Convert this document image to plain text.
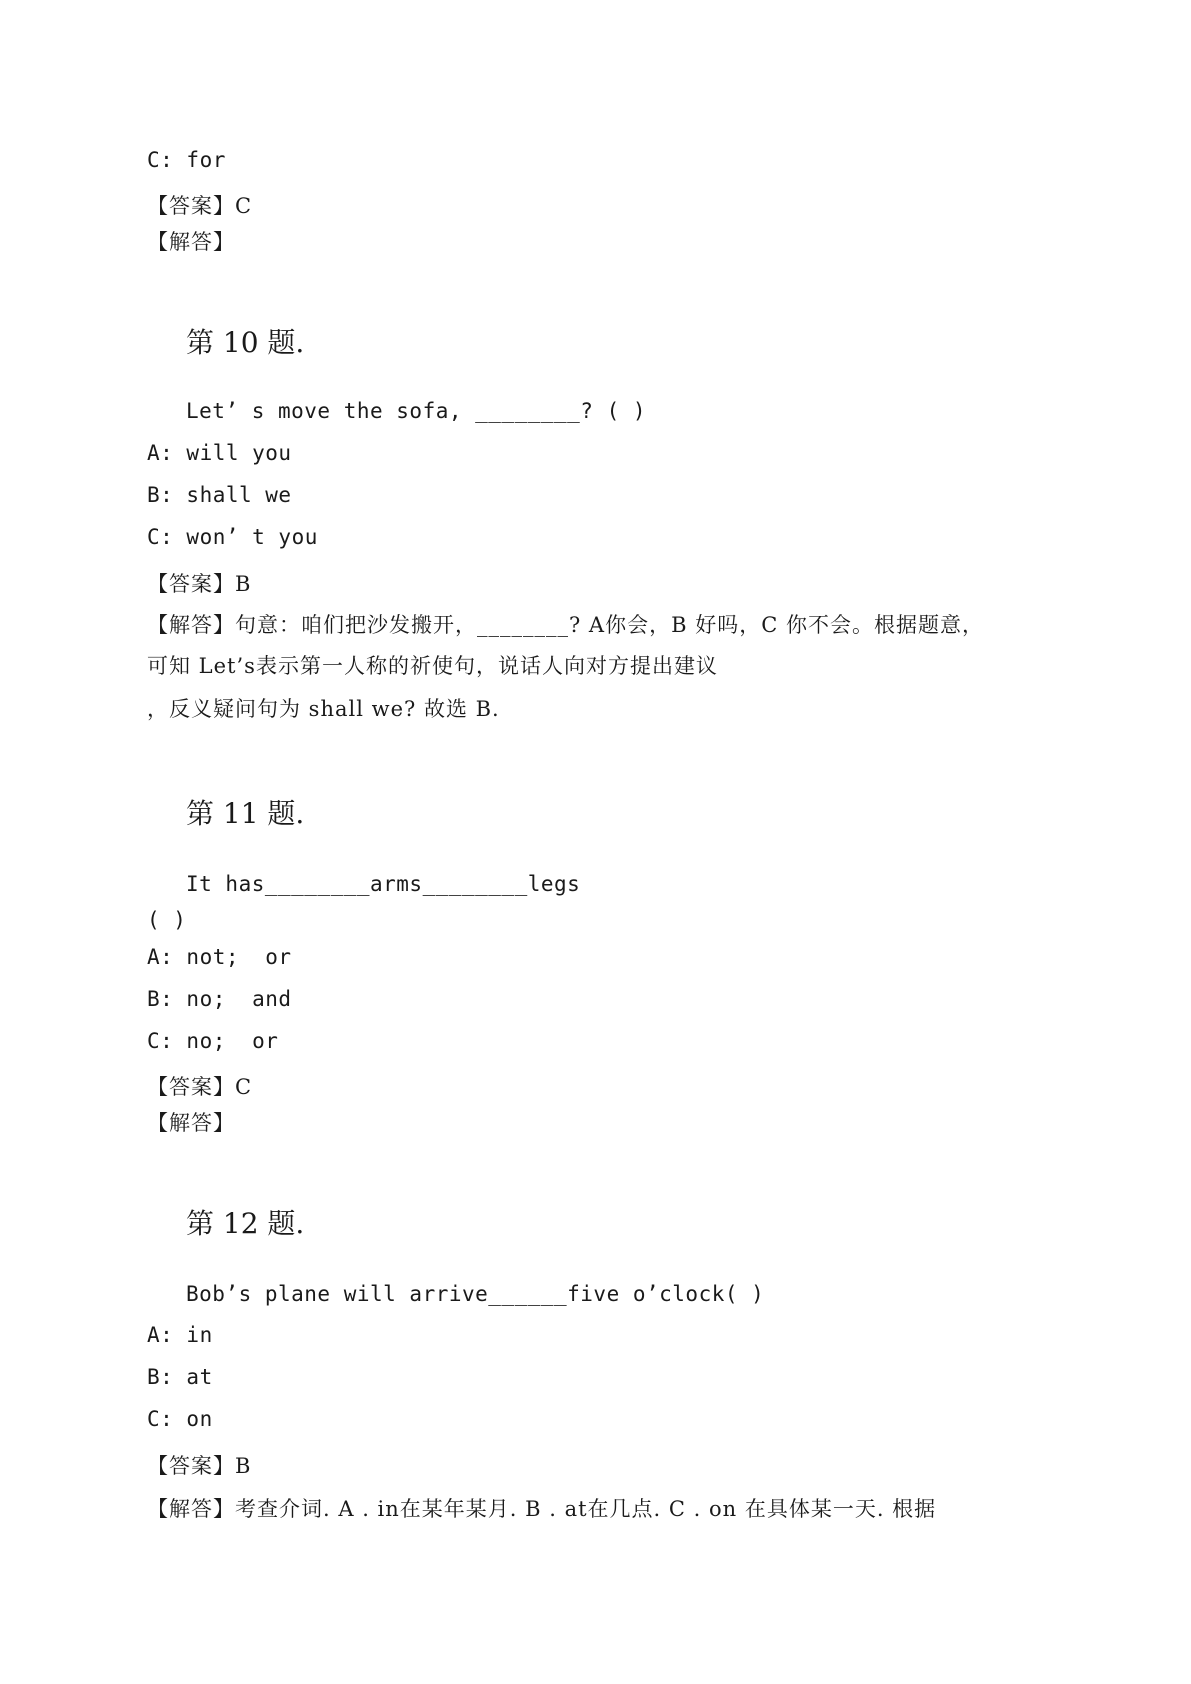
C: for
【答案】C
【解答】
第 10 题.
Let’ s move the sofa, ________? ( )
A: will you
B: shall we
C: won’ t you
【答案】B
【解答】句意：咱们把沙发搬开，________? A你会，B 好吗，C 你不会。根据题意，
可知 Let’s表示第一人称的祈使句，说话人向对方提出建议
，反义疑问句为 shall we? 故选 B.
第 11 题.
It has________arms________legs
( )
A: not;  or
B: no;  and
C: no;  or
【答案】C
【解答】
第 12 题.
Bob’s plane will arrive______five o’clock( )
A: in
B: at
C: on
【答案】B
【解答】考查介词. A . in在某年某月. B . at在几点. C . on 在具体某一天. 根据
